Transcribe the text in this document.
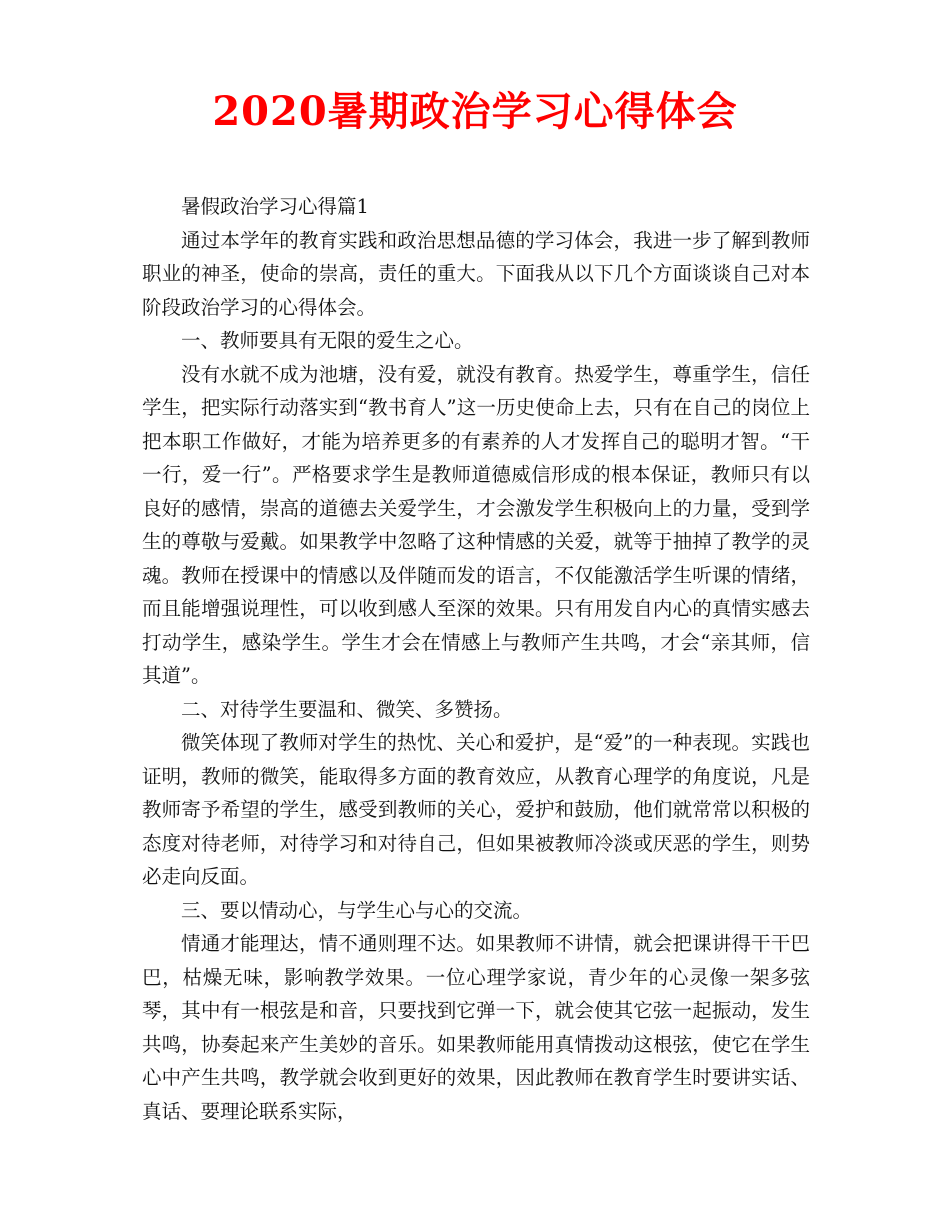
2020暑期政治学习心得体会

暑假政治学习心得篇1

通过本学年的教育实践和政治思想品德的学习体会，我进一步了解到教师职业的神圣，使命的崇高，责任的重大。下面我从以下几个方面谈谈自己对本阶段政治学习的心得体会。

一、教师要具有无限的爱生之心。

没有水就不成为池塘，没有爱，就没有教育。热爱学生，尊重学生，信任学生，把实际行动落实到“教书育人”这一历史使命上去，只有在自己的岗位上把本职工作做好，才能为培养更多的有素养的人才发挥自己的聪明才智。“干一行，爱一行”。严格要求学生是教师道德威信形成的根本保证，教师只有以良好的感情，崇高的道德去关爱学生，才会激发学生积极向上的力量，受到学生的尊敬与爱戴。如果教学中忽略了这种情感的关爱，就等于抽掉了教学的灵魂。教师在授课中的情感以及伴随而发的语言，不仅能激活学生听课的情绪，而且能增强说理性，可以收到感人至深的效果。只有用发自内心的真情实感去打动学生，感染学生。学生才会在情感上与教师产生共鸣，才会“亲其师，信其道”。

二、对待学生要温和、微笑、多赞扬。

微笑体现了教师对学生的热忱、关心和爱护，是“爱”的一种表现。实践也证明，教师的微笑，能取得多方面的教育效应，从教育心理学的角度说，凡是教师寄予希望的学生，感受到教师的关心，爱护和鼓励，他们就常常以积极的态度对待老师，对待学习和对待自己，但如果被教师冷淡或厌恶的学生，则势必走向反面。

三、要以情动心，与学生心与心的交流。

情通才能理达，情不通则理不达。如果教师不讲情，就会把课讲得干干巴巴，枯燥无味，影响教学效果。一位心理学家说，青少年的心灵像一架多弦琴，其中有一根弦是和音，只要找到它弹一下，就会使其它弦一起振动，发生共鸣，协奏起来产生美妙的音乐。如果教师能用真情拨动这根弦，使它在学生心中产生共鸣，教学就会收到更好的效果，因此教师在教育学生时要讲实话、真话、要理论联系实际，
